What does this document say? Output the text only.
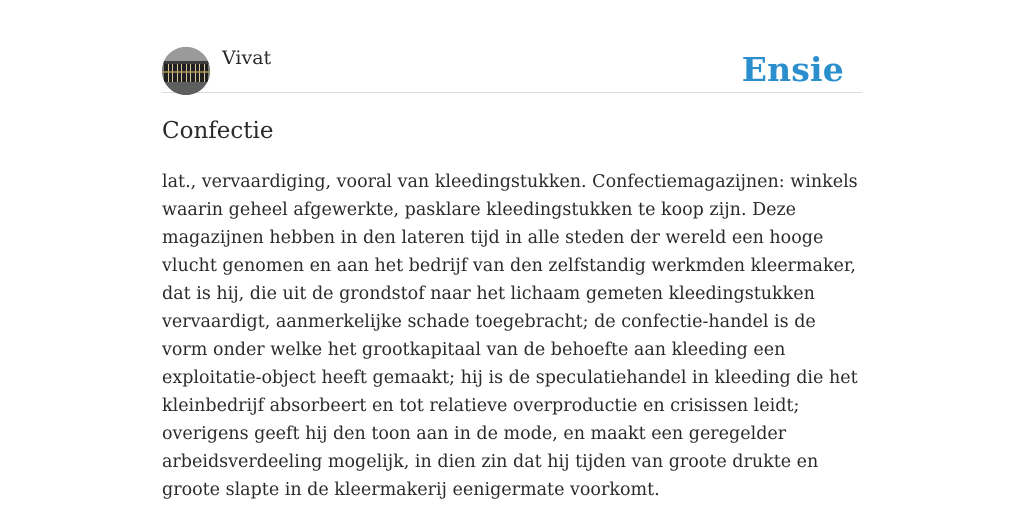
Vivat	Ensie
Confectie

lat., vervaardiging, vooral van kleedingstukken. Confectiemagazijnen: winkels waarin geheel afgewerkte, pasklare kleedingstukken te koop zijn. Deze magazijnen hebben in den lateren tijd in alle steden der wereld een hooge vlucht genomen en aan het bedrijf van den zelfstandig werkmden kleermaker, dat is hij, die uit de grondstof naar het lichaam gemeten kleedingstukken vervaardigt, aanmerkelijke schade toegebracht; de confectie-handel is de vorm onder welke het grootkapitaal van de behoefte aan kleeding een exploitatie-object heeft gemaakt; hij is de speculatiehandel in kleeding die het kleinbedrijf absorbeert en tot relatieve overproductie en crisissen leidt; overigens geeft hij den toon aan in de mode, en maakt een geregelder arbeidsverdeeling mogelijk, in dien zin dat hij tijden van groote drukte en groote slapte in de kleermakerij eenigermate voorkomt.
